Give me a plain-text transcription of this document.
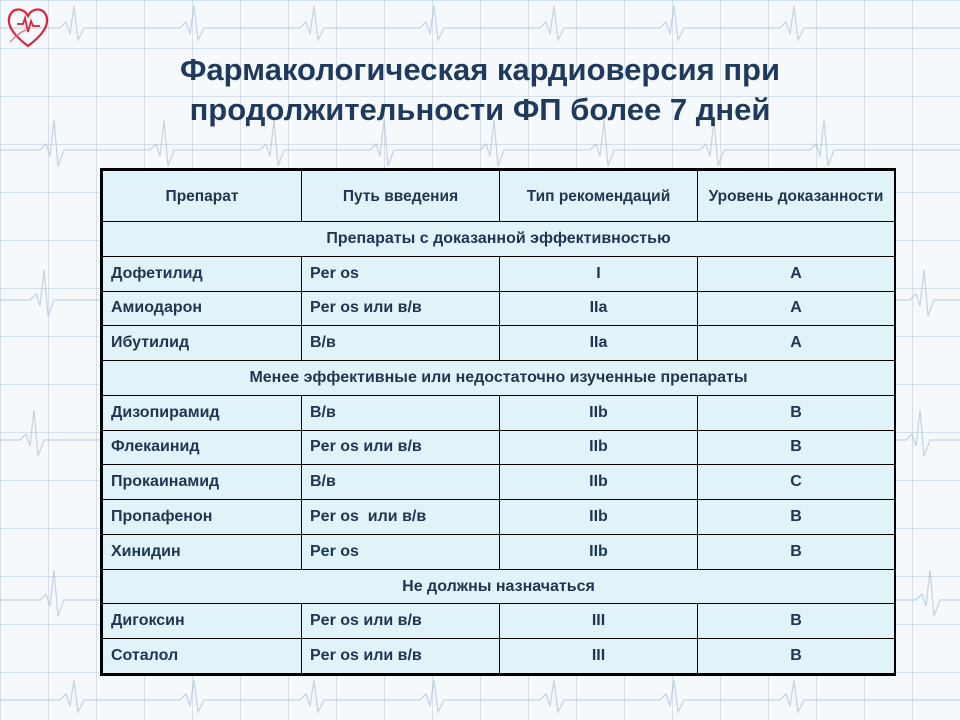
Фармакологическая кардиоверсия при
продолжительности ФП более 7 дней
Препарат	Путь введения	Тип рекомендаций	Уровень доказанности
Препараты с доказанной эффективностью			
Дофетилид	Per os	I	A
Амиодарон	Per os или в/в	IIa	A
Ибутилид	В/в	IIa	A
Менее эффективные или недостаточно изученные препараты			
Дизопирамид	В/в	IIb	B
Флекаинид	Per os или в/в	IIb	B
Прокаинамид	В/в	IIb	C
Пропафенон	Per os  или в/в	IIb	B
Хинидин	Per os	IIb	B
Не должны назначаться			
Дигоксин	Per os или в/в	III	B
Соталол	Per os или в/в	III	B
